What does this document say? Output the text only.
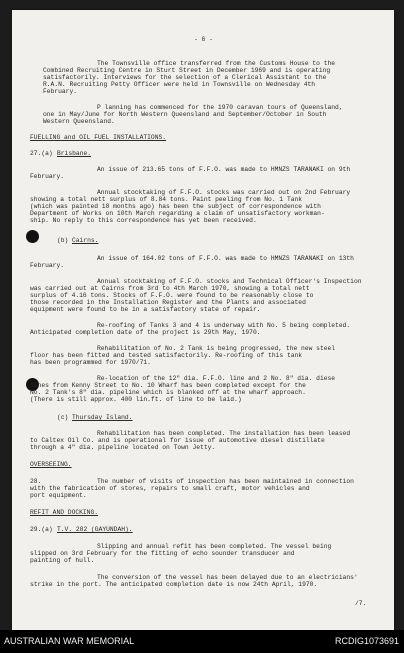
- 6 -
The Townsville office transferred from the Customs House to the
Combined Recruiting Centre in Sturt Street in December 1969 and is operating
satisfactorily. Interviews for the selection of a Clerical Assistant to the
R.A.N. Recruiting Petty Officer were held in Townsville on Wednesday 4th
February.
P lanning has commenced for the 1970 caravan tours of Queensland,
one in May/June for North Western Queensland and September/October in South
Western Queensland.
FUELLING and OIL FUEL INSTALLATIONS.
27.(a) Brisbane.
An issue of 213.65 tons of F.F.O. was made to HMNZS TARANAKI on 9th
February.
Annual stocktaking of F.F.O. stocks was carried out on 2nd February
showing a total nett surplus of 8.84 tons. Paint peeling from No. 1 Tank
(which was painted 18 months ago) has been the subject of correspondence with
Department of Works on 10th March regarding a claim of unsatisfactory workman-
ship. No reply to this correspondence has yet been received.
(b) Cairns.
An issue of 164.02 tons of F.F.O. was made to HMNZS TARANAKI on 13th
February.
Annual stocktaking of F.F.O. stocks and Technical Officer's Inspection
was carried out at Cairns from 3rd to 4th March 1970, showing a total nett
surplus of 4.16 tons. Stocks of F.F.O. were found to be reasonably close to
those recorded in the Installation Register and the Plants and associated
equipment were found to be in a satisfactory state of repair.
Re-roofing of Tanks 3 and 4 is underway with No. 5 being completed.
Anticipated completion date of the project is 29th May, 1970.
Rehabilitation of No. 2 Tank is being progressed, the new steel
floor has been fitted and tested satisfactorily. Re-roofing of this tank
has been programmed for 1970/71.
Re-location of the 12" dia. F.F.O. line and 2 No. 8" dia. diese
lines from Kenny Street to No. 10 Wharf has been completed except for the
No. 2 Tank's 8" dia. pipeline which is blanked off at the wharf approach.
(There is still approx. 400 lin.ft. of line to be laid.)
(c) Thursday Island.
Rehabilitation has been completed. The installation has been leased
to Caltex Oil Co. and is operational for issue of automotive diesel distillate
through a 4" dia. pipeline located on Town Jetty.
OVERSEEING.
28.	The number of visits of inspection has been maintained in connection
with the fabrication of stores, repairs to small craft, motor vehicles and
port equipment.
REFIT AND DOCKING.
29.(a) T.V. 282 (GAYUNDAH).
Slipping and annual refit has been completed. The vessel being
slipped on 3rd February for the fitting of echo sounder transducer and
painting of hull.
The conversion of the vessel has been delayed due to an electricians'
strike in the port. The anticipated completion date is now 24th April, 1970.
/7.
AUSTRALIAN WAR MEMORIAL	RCDIG1073691
